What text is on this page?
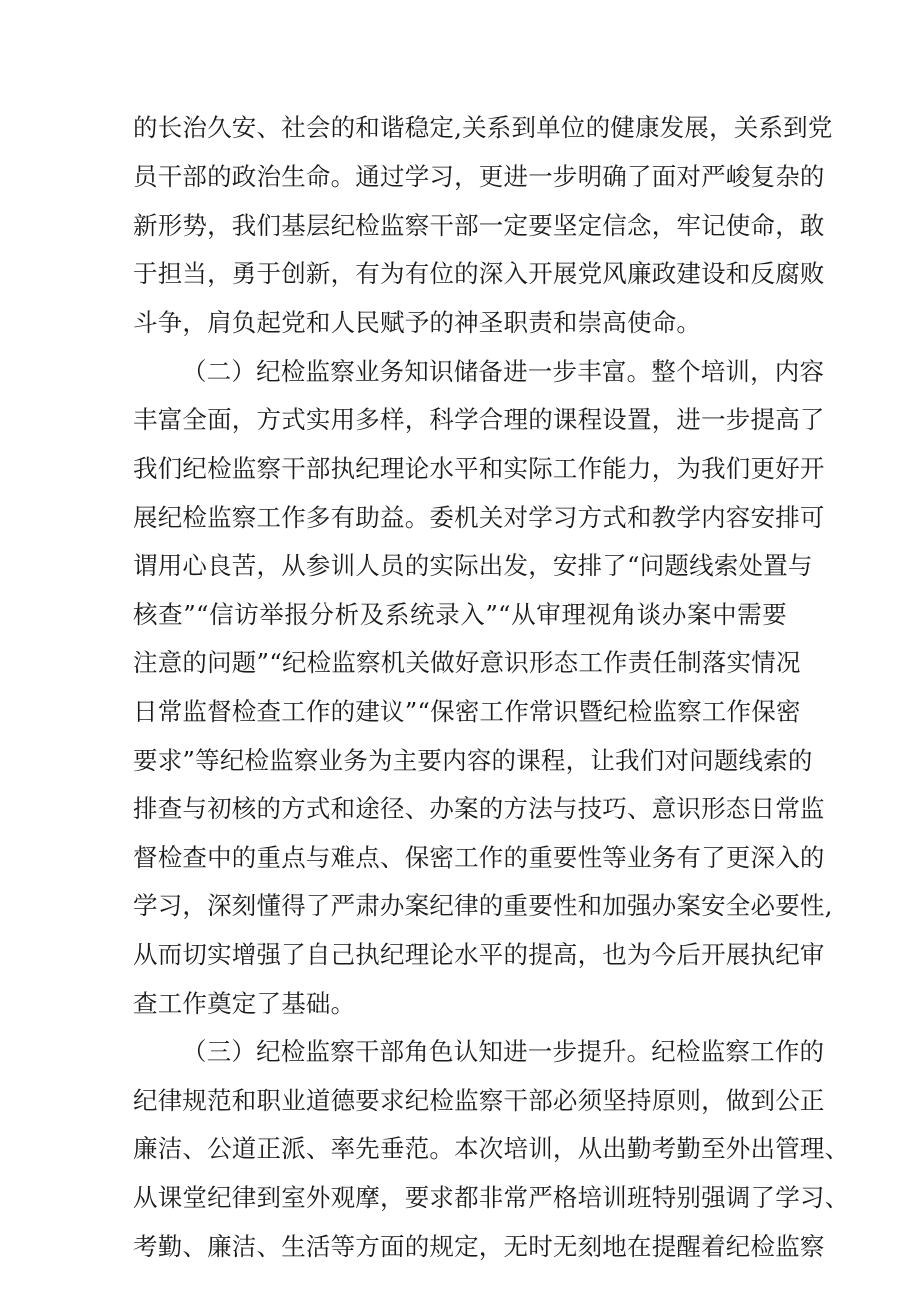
的长治久安、社会的和谐稳定,关系到单位的健康发展，关系到党
员干部的政治生命。通过学习，更进一步明确了面对严峻复杂的
新形势，我们基层纪检监察干部一定要坚定信念，牢记使命，敢
于担当，勇于创新，有为有位的深入开展党风廉政建设和反腐败
斗争，肩负起党和人民赋予的神圣职责和崇高使命。
（二）纪检监察业务知识储备进一步丰富。整个培训，内容
丰富全面，方式实用多样，科学合理的课程设置，进一步提高了
我们纪检监察干部执纪理论水平和实际工作能力，为我们更好开
展纪检监察工作多有助益。委机关对学习方式和教学内容安排可
谓用心良苦，从参训人员的实际出发，安排了“问题线索处置与
核查”“信访举报分析及系统录入”“从审理视角谈办案中需要
注意的问题”“纪检监察机关做好意识形态工作责任制落实情况
日常监督检查工作的建议”“保密工作常识暨纪检监察工作保密
要求”等纪检监察业务为主要内容的课程，让我们对问题线索的
排查与初核的方式和途径、办案的方法与技巧、意识形态日常监
督检查中的重点与难点、保密工作的重要性等业务有了更深入的
学习，深刻懂得了严肃办案纪律的重要性和加强办案安全必要性,
从而切实增强了自己执纪理论水平的提高，也为今后开展执纪审
查工作奠定了基础。
（三）纪检监察干部角色认知进一步提升。纪检监察工作的
纪律规范和职业道德要求纪检监察干部必须坚持原则，做到公正
廉洁、公道正派、率先垂范。本次培训，从出勤考勤至外出管理、
从课堂纪律到室外观摩，要求都非常严格培训班特别强调了学习、
考勤、廉洁、生活等方面的规定，无时无刻地在提醒着纪检监察
